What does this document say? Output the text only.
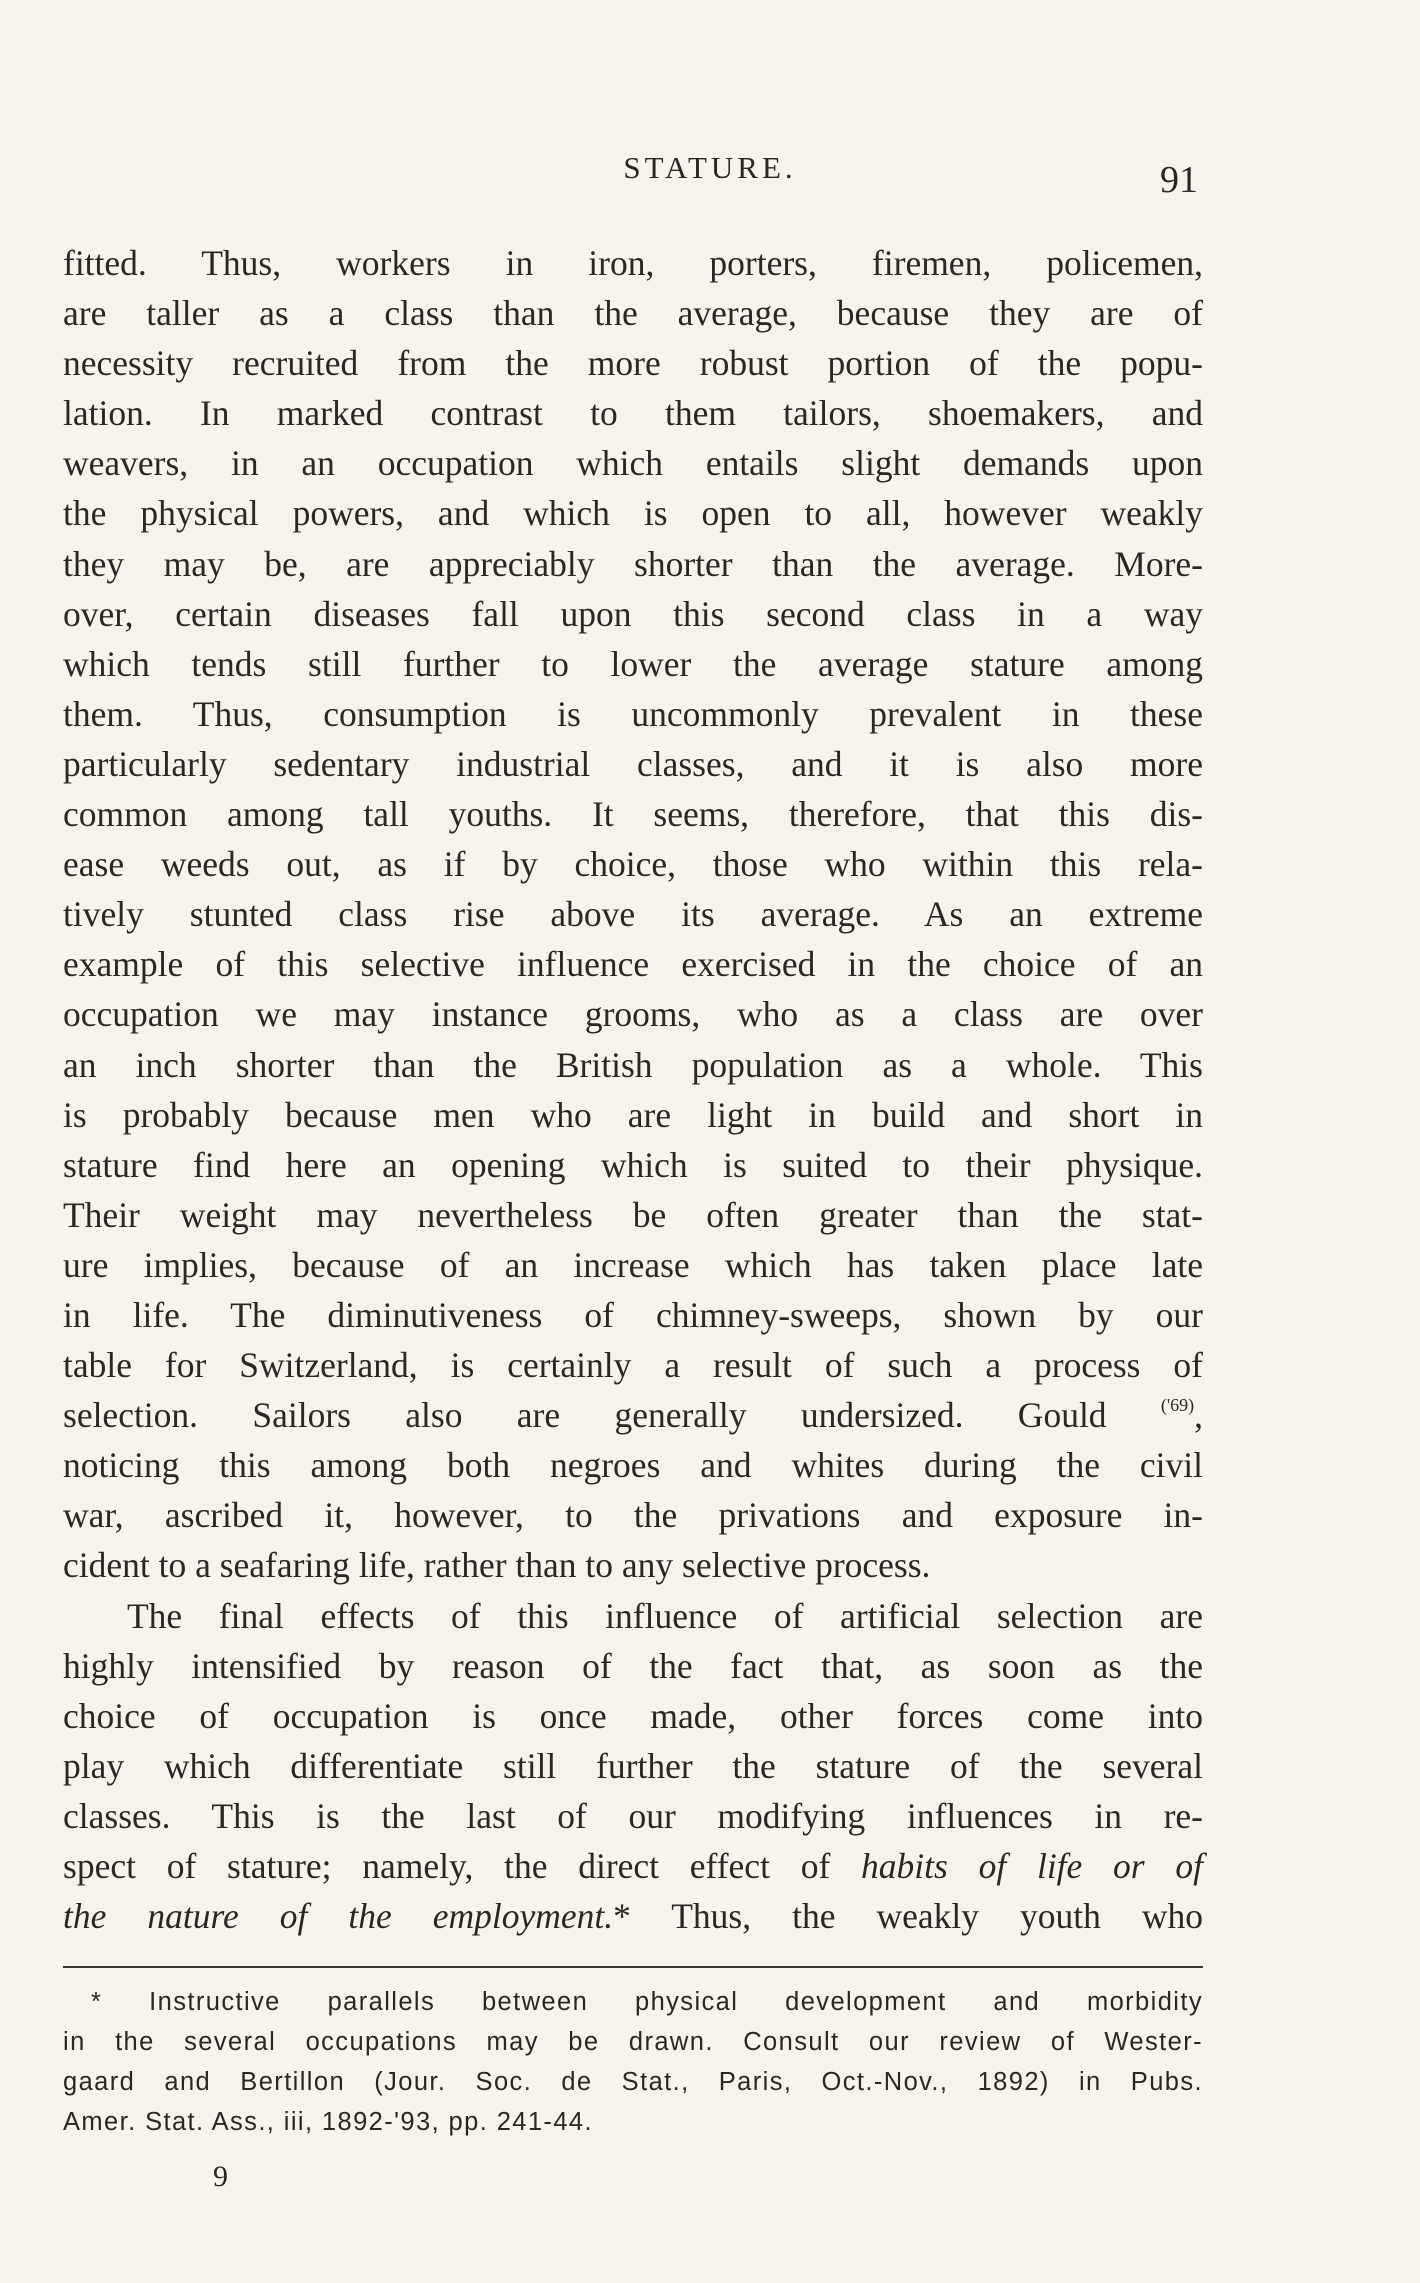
STATURE.	91
fitted. Thus, workers in iron, porters, firemen, policemen,
are taller as a class than the average, because they are of
necessity recruited from the more robust portion of the popu-
lation. In marked contrast to them tailors, shoemakers, and
weavers, in an occupation which entails slight demands upon
the physical powers, and which is open to all, however weakly
they may be, are appreciably shorter than the average. More-
over, certain diseases fall upon this second class in a way
which tends still further to lower the average stature among
them. Thus, consumption is uncommonly prevalent in these
particularly sedentary industrial classes, and it is also more
common among tall youths. It seems, therefore, that this dis-
ease weeds out, as if by choice, those who within this rela-
tively stunted class rise above its average. As an extreme
example of this selective influence exercised in the choice of an
occupation we may instance grooms, who as a class are over
an inch shorter than the British population as a whole. This
is probably because men who are light in build and short in
stature find here an opening which is suited to their physique.
Their weight may nevertheless be often greater than the stat-
ure implies, because of an increase which has taken place late
in life. The diminutiveness of chimney-sweeps, shown by our
table for Switzerland, is certainly a result of such a process of
selection. Sailors also are generally undersized. Gould	$^{('69)}$,
noticing this among both negroes and whites during the civil
war, ascribed it, however, to the privations and exposure in-
cident to a seafaring life, rather than to any selective process.
The final effects of this influence of artificial selection are
highly intensified by reason of the fact that, as soon as the
choice of occupation is once made, other forces come into
play which differentiate still further the stature of the several
classes. This is the last of our modifying influences in re-
spect of stature; namely, the direct effect of habits of life or of
the nature of the employment.* Thus, the weakly youth who
* Instructive parallels between physical development and morbidity
in the several occupations may be drawn. Consult our review of Wester-
gaard and Bertillon (Jour. Soc. de Stat., Paris, Oct.-Nov., 1892) in Pubs.
Amer. Stat. Ass., iii, 1892-'93, pp. 241-44.
9
